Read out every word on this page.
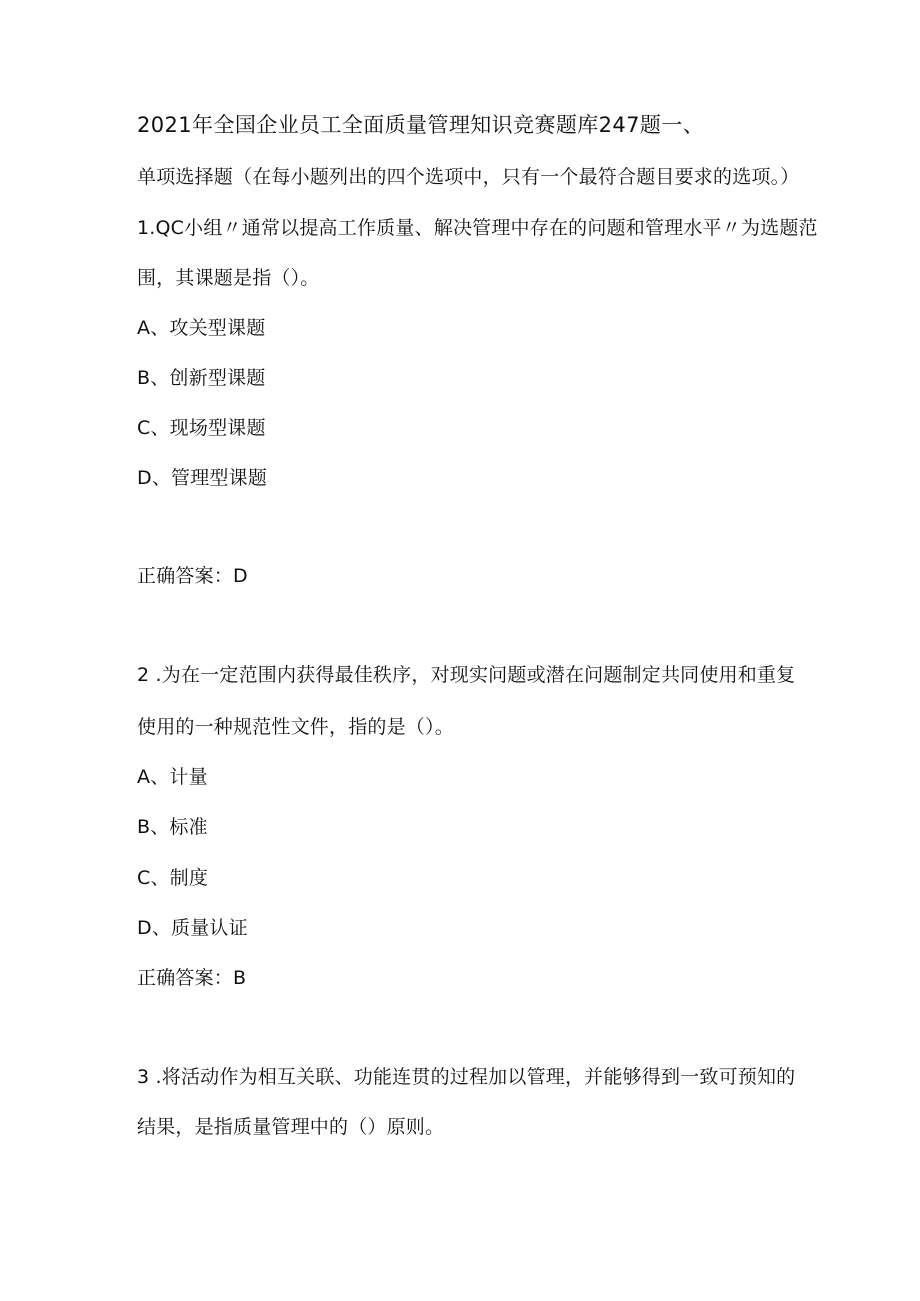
2021年全国企业员工全面质量管理知识竞赛题库247题一、
单项选择题（在每小题列出的四个选项中，只有一个最符合题目要求的选项。）
1.QC小组〃通常以提高工作质量、解决管理中存在的问题和管理水平〃为选题范
围，其课题是指（）。
A、攻关型课题
B、创新型课题
C、现场型课题
D、管理型课题
正确答案：D
2 .为在一定范围内获得最佳秩序，对现实问题或潜在问题制定共同使用和重复
使用的一种规范性文件，指的是（）。
A、计量
B、标准
C、制度
D、质量认证
正确答案：B
3 .将活动作为相互关联、功能连贯的过程加以管理，并能够得到一致可预知的
结果，是指质量管理中的（）原则。
